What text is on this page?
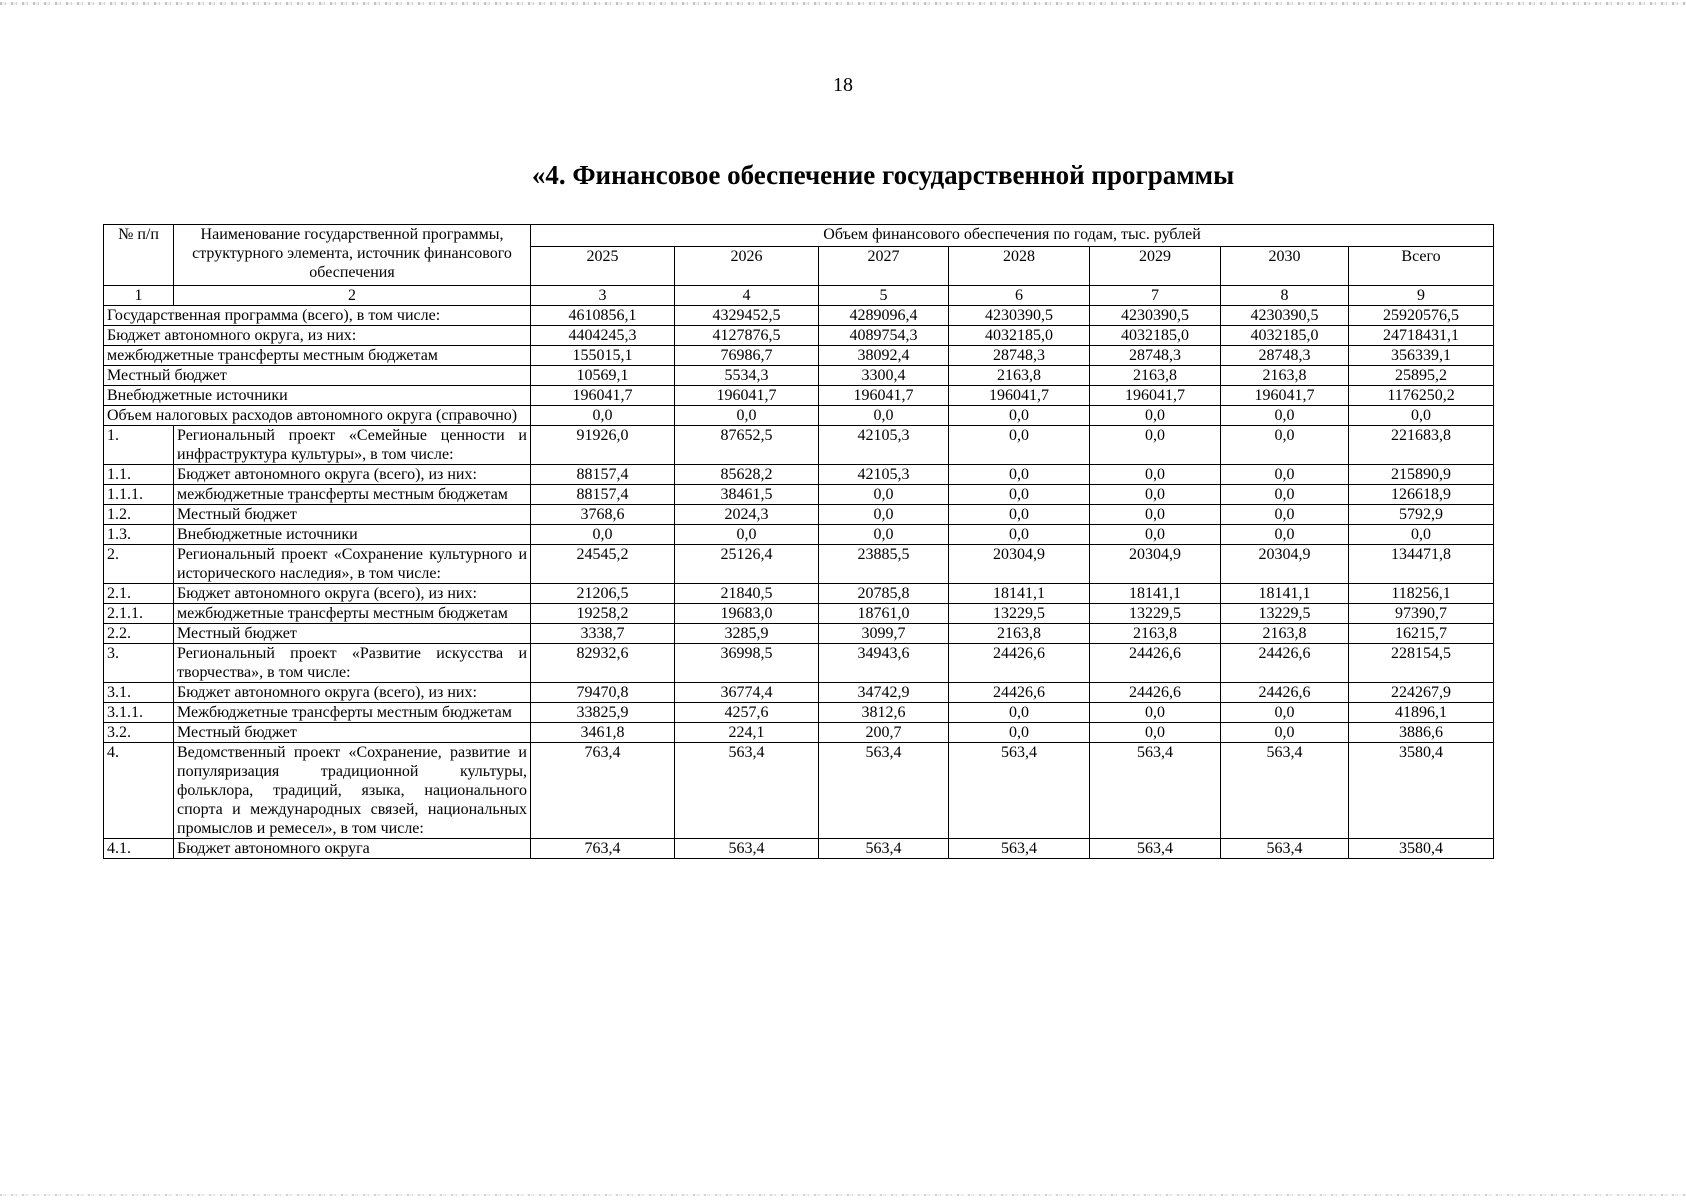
18
«4. Финансовое обеспечение государственной программы
№ п/п	Наименование государственной программы, структурного элемента, источник финансового обеспечения	Объем финансового обеспечения по годам, тыс. рублей						
		2025	2026	2027	2028	2029	2030	Всего
1	2	3	4	5	6	7	8	9
Государственная программа (всего), в том числе:		4610856,1	4329452,5	4289096,4	4230390,5	4230390,5	4230390,5	25920576,5
Бюджет автономного округа, из них:		4404245,3	4127876,5	4089754,3	4032185,0	4032185,0	4032185,0	24718431,1
межбюджетные трансферты местным бюджетам		155015,1	76986,7	38092,4	28748,3	28748,3	28748,3	356339,1
Местный бюджет		10569,1	5534,3	3300,4	2163,8	2163,8	2163,8	25895,2
Внебюджетные источники		196041,7	196041,7	196041,7	196041,7	196041,7	196041,7	1176250,2
Объем налоговых расходов автономного округа (справочно)		0,0	0,0	0,0	0,0	0,0	0,0	0,0
1.	Региональный проект «Семейные ценности и инфраструктура культуры», в том числе:	91926,0	87652,5	42105,3	0,0	0,0	0,0	221683,8
1.1.	Бюджет автономного округа (всего), из них:	88157,4	85628,2	42105,3	0,0	0,0	0,0	215890,9
1.1.1.	межбюджетные трансферты местным бюджетам	88157,4	38461,5	0,0	0,0	0,0	0,0	126618,9
1.2.	Местный бюджет	3768,6	2024,3	0,0	0,0	0,0	0,0	5792,9
1.3.	Внебюджетные источники	0,0	0,0	0,0	0,0	0,0	0,0	0,0
2.	Региональный проект «Сохранение культурного и исторического наследия», в том числе:	24545,2	25126,4	23885,5	20304,9	20304,9	20304,9	134471,8
2.1.	Бюджет автономного округа (всего), из них:	21206,5	21840,5	20785,8	18141,1	18141,1	18141,1	118256,1
2.1.1.	межбюджетные трансферты местным бюджетам	19258,2	19683,0	18761,0	13229,5	13229,5	13229,5	97390,7
2.2.	Местный бюджет	3338,7	3285,9	3099,7	2163,8	2163,8	2163,8	16215,7
3.	Региональный проект «Развитие искусства и творчества», в том числе:	82932,6	36998,5	34943,6	24426,6	24426,6	24426,6	228154,5
3.1.	Бюджет автономного округа (всего), из них:	79470,8	36774,4	34742,9	24426,6	24426,6	24426,6	224267,9
3.1.1.	Межбюджетные трансферты местным бюджетам	33825,9	4257,6	3812,6	0,0	0,0	0,0	41896,1
3.2.	Местный бюджет	3461,8	224,1	200,7	0,0	0,0	0,0	3886,6
4.	Ведомственный проект «Сохранение, развитие и популяризация традиционной культуры, фольклора, традиций, языка, национального спорта и международных связей, национальных промыслов и ремесел», в том числе:	763,4	563,4	563,4	563,4	563,4	563,4	3580,4
4.1.	Бюджет автономного округа	763,4	563,4	563,4	563,4	563,4	563,4	3580,4
